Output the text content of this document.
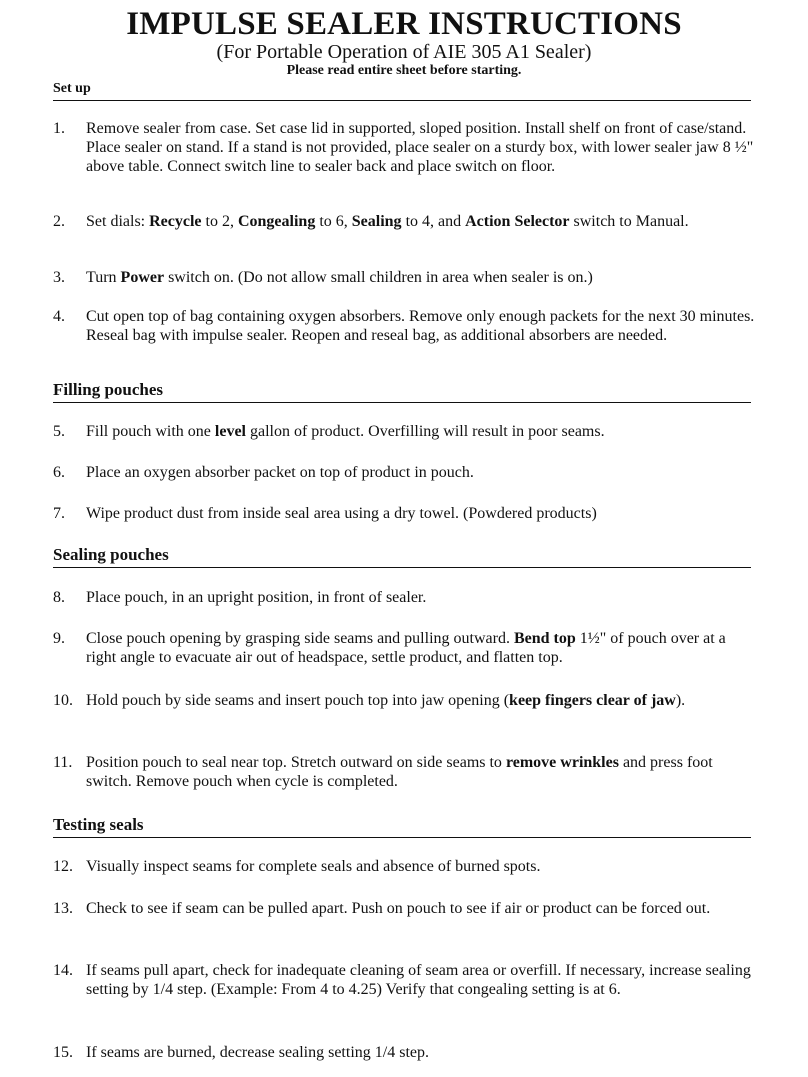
IMPULSE SEALER INSTRUCTIONS
(For Portable Operation of AIE 305 A1 Sealer)
Please read entire sheet before starting.
Set up
1.	Remove sealer from case. Set case lid in supported, sloped position. Install shelf on front of case/stand. Place sealer on stand. If a stand is not provided, place sealer on a sturdy box, with lower sealer jaw 8 ½" above table. Connect switch line to sealer back and place switch on floor.
2.	Set dials: Recycle to 2, Congealing to 6, Sealing to 4, and Action Selector switch to Manual.
3.	Turn Power switch on. (Do not allow small children in area when sealer is on.)
4.	Cut open top of bag containing oxygen absorbers. Remove only enough packets for the next 30 minutes. Reseal bag with impulse sealer. Reopen and reseal bag, as additional absorbers are needed.
Filling pouches
5.	Fill pouch with one level gallon of product. Overfilling will result in poor seams.
6.	Place an oxygen absorber packet on top of product in pouch.
7.	Wipe product dust from inside seal area using a dry towel. (Powdered products)
Sealing pouches
8.	Place pouch, in an upright position, in front of sealer.
9.	Close pouch opening by grasping side seams and pulling outward. Bend top 1½" of pouch over at a right angle to evacuate air out of headspace, settle product, and flatten top.
10. Hold pouch by side seams and insert pouch top into jaw opening (keep fingers clear of jaw).
11. Position pouch to seal near top. Stretch outward on side seams to remove wrinkles and press foot switch. Remove pouch when cycle is completed.
Testing seals
12. Visually inspect seams for complete seals and absence of burned spots.
13. Check to see if seam can be pulled apart. Push on pouch to see if air or product can be forced out.
14. If seams pull apart, check for inadequate cleaning of seam area or overfill. If necessary, increase sealing setting by 1/4 step. (Example: From 4 to 4.25) Verify that congealing setting is at 6.
15. If seams are burned, decrease sealing setting 1/4 step.
